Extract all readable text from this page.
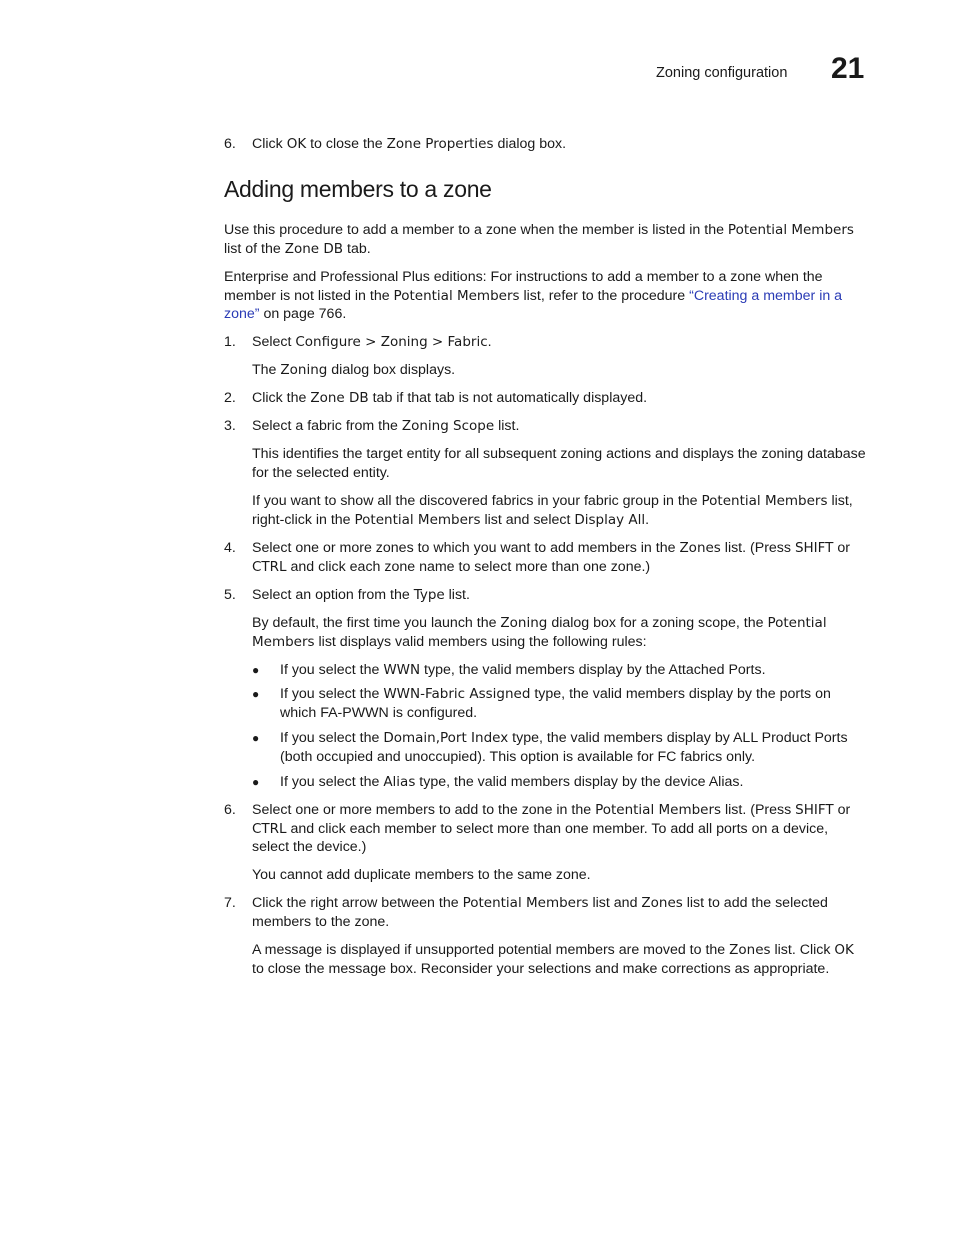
Zoning configuration 21
6.	Click OK to close the Zone Properties dialog box.
Adding members to a zone
Use this procedure to add a member to a zone when the member is listed in the Potential Members list of the Zone DB tab.
Enterprise and Professional Plus editions: For instructions to add a member to a zone when the member is not listed in the Potential Members list, refer to the procedure “Creating a member in a zone” on page 766.
1.	Select Configure > Zoning > Fabric.
The Zoning dialog box displays.
2.	Click the Zone DB tab if that tab is not automatically displayed.
3.	Select a fabric from the Zoning Scope list.
This identifies the target entity for all subsequent zoning actions and displays the zoning database for the selected entity.
If you want to show all the discovered fabrics in your fabric group in the Potential Members list, right-click in the Potential Members list and select Display All.
4.	Select one or more zones to which you want to add members in the Zones list. (Press SHIFT or CTRL and click each zone name to select more than one zone.)
5.	Select an option from the Type list.
By default, the first time you launch the Zoning dialog box for a zoning scope, the Potential Members list displays valid members using the following rules:
● If you select the WWN type, the valid members display by the Attached Ports.
● If you select the WWN-Fabric Assigned type, the valid members display by the ports on which FA-PWWN is configured.
● If you select the Domain,Port Index type, the valid members display by ALL Product Ports (both occupied and unoccupied). This option is available for FC fabrics only.
● If you select the Alias type, the valid members display by the device Alias.
6.	Select one or more members to add to the zone in the Potential Members list. (Press SHIFT or CTRL and click each member to select more than one member. To add all ports on a device, select the device.)
You cannot add duplicate members to the same zone.
7.	Click the right arrow between the Potential Members list and Zones list to add the selected members to the zone.
A message is displayed if unsupported potential members are moved to the Zones list. Click OK to close the message box. Reconsider your selections and make corrections as appropriate.
